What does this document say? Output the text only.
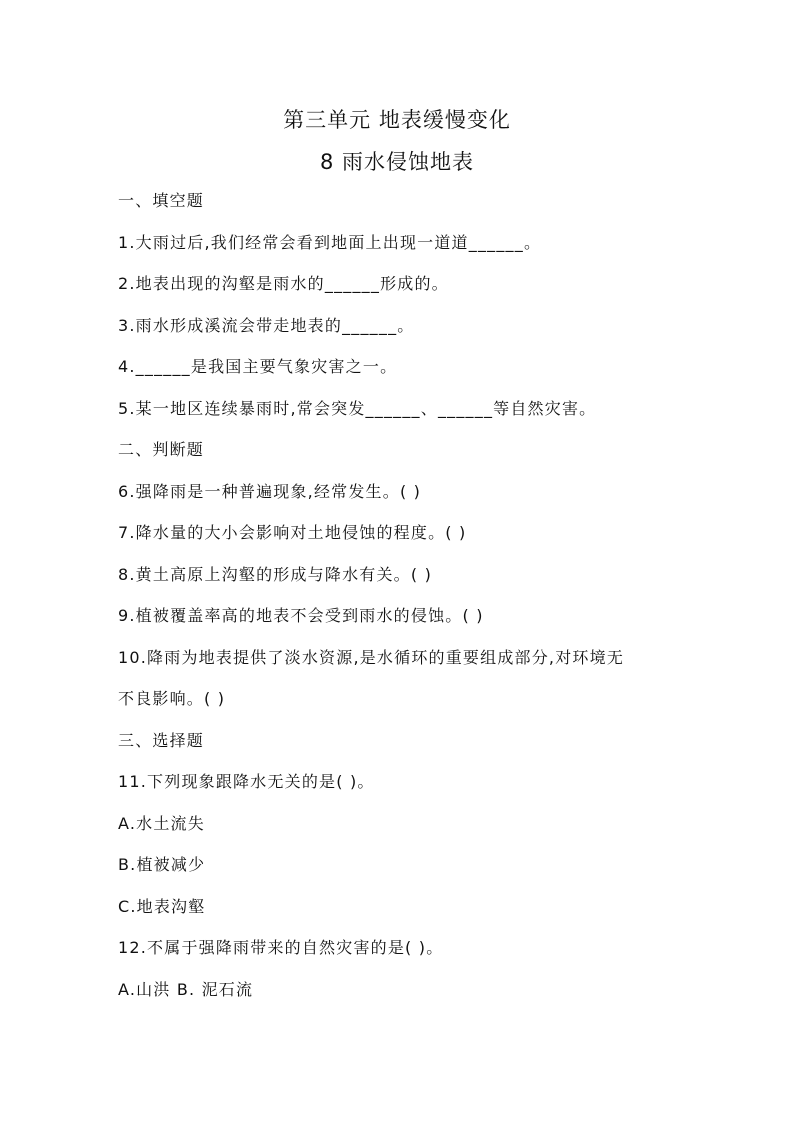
第三单元 地表缓慢变化
8 雨水侵蚀地表
一、填空题
1.大雨过后,我们经常会看到地面上出现一道道______。
2.地表出现的沟壑是雨水的______形成的。
3.雨水形成溪流会带走地表的______。
4.______是我国主要气象灾害之一。
5.某一地区连续暴雨时,常会突发______、______等自然灾害。
二、判断题
6.强降雨是一种普遍现象,经常发生。( )
7.降水量的大小会影响对土地侵蚀的程度。( )
8.黄土高原上沟壑的形成与降水有关。( )
9.植被覆盖率高的地表不会受到雨水的侵蚀。( )
10.降雨为地表提供了淡水资源,是水循环的重要组成部分,对环境无
不良影响。( )
三、选择题
11.下列现象跟降水无关的是( )。
A.水土流失
B.植被减少
C.地表沟壑
12.不属于强降雨带来的自然灾害的是( )。
A.山洪 B. 泥石流
